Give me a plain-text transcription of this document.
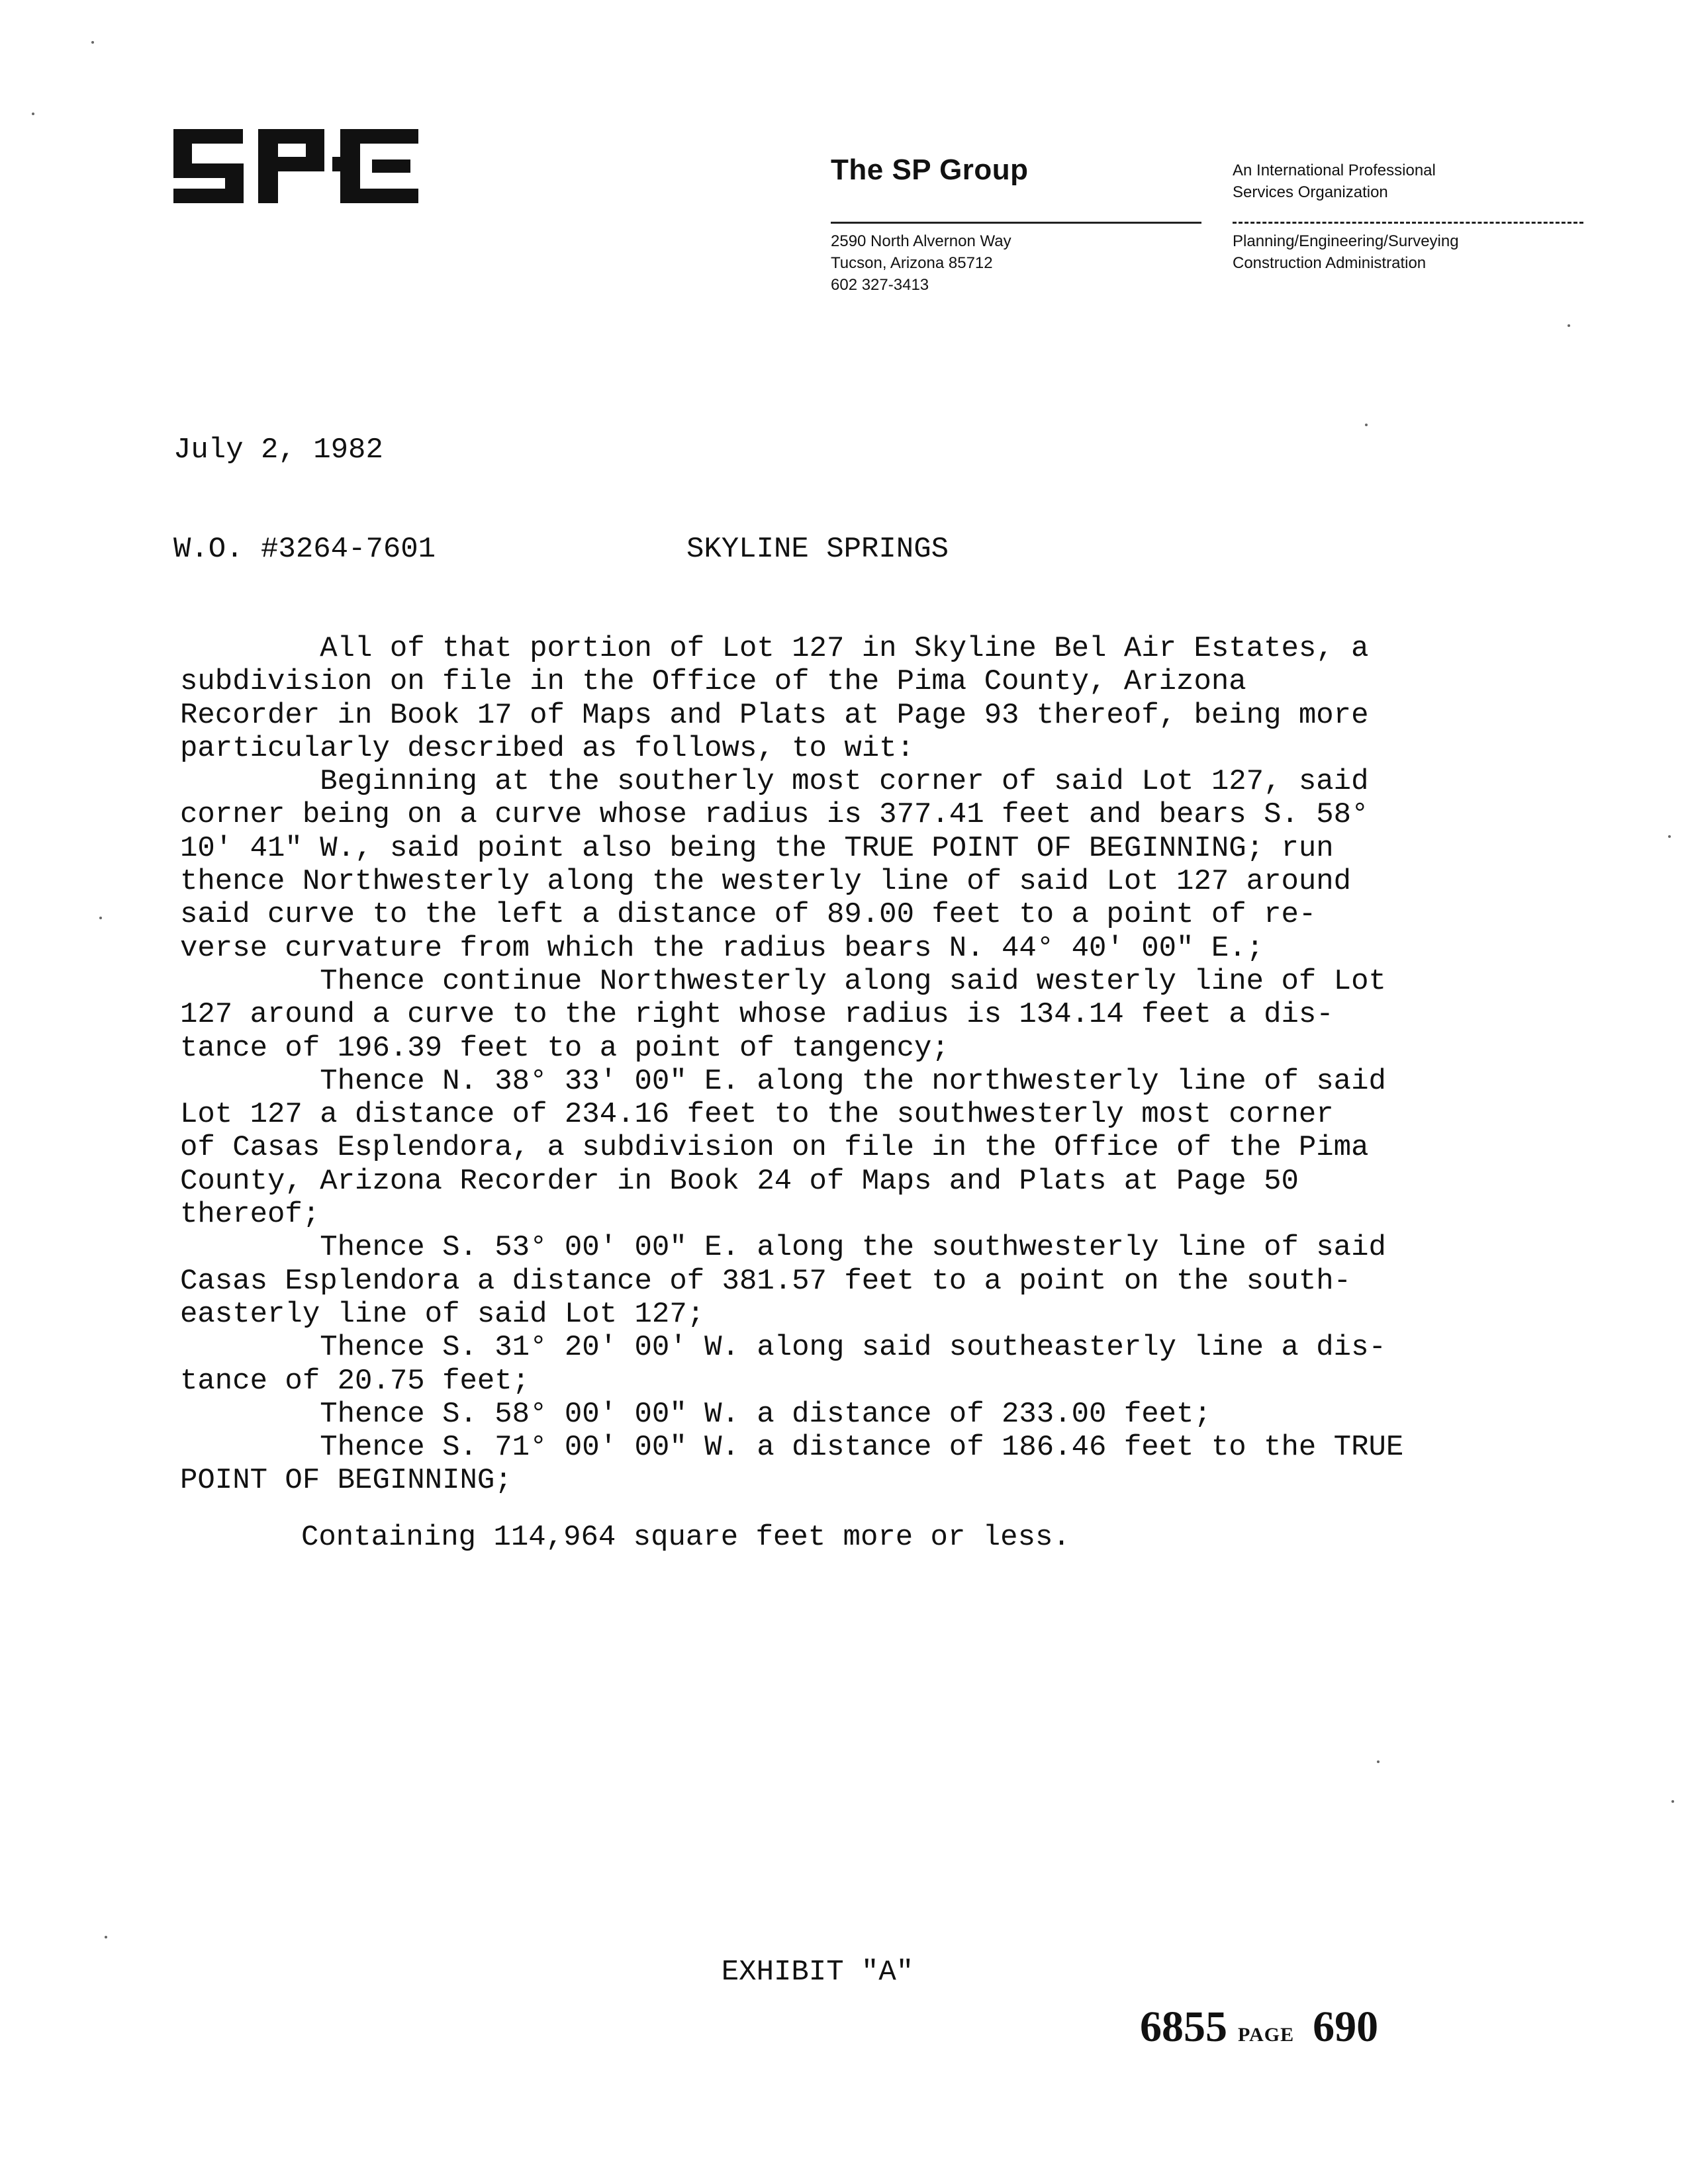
The SP Group
2590 North Alvernon Way
Tucson, Arizona 85712
602 327-3413
An International Professional
Services Organization
Planning/Engineering/Surveying
Construction Administration

July 2, 1982

W.O. #3264-7601	SKYLINE SPRINGS
All of that portion of Lot 127 in Skyline Bel Air Estates, a
subdivision on file in the Office of the Pima County, Arizona
Recorder in Book 17 of Maps and Plats at Page 93 thereof, being more
particularly described as follows, to wit:
Beginning at the southerly most corner of said Lot 127, said
corner being on a curve whose radius is 377.41 feet and bears S. 58°
10' 41" W., said point also being the TRUE POINT OF BEGINNING; run
thence Northwesterly along the westerly line of said Lot 127 around
said curve to the left a distance of 89.00 feet to a point of re-
verse curvature from which the radius bears N. 44° 40' 00" E.;
Thence continue Northwesterly along said westerly line of Lot
127 around a curve to the right whose radius is 134.14 feet a dis-
tance of 196.39 feet to a point of tangency;
Thence N. 38° 33' 00" E. along the northwesterly line of said
Lot 127 a distance of 234.16 feet to the southwesterly most corner
of Casas Esplendora, a subdivision on file in the Office of the Pima
County, Arizona Recorder in Book 24 of Maps and Plats at Page 50
thereof;
Thence S. 53° 00' 00" E. along the southwesterly line of said
Casas Esplendora a distance of 381.57 feet to a point on the south-
easterly line of said Lot 127;
Thence S. 31° 20' 00' W. along said southeasterly line a dis-
tance of 20.75 feet;
Thence S. 58° 00' 00" W. a distance of 233.00 feet;
Thence S. 71° 00' 00" W. a distance of 186.46 feet to the TRUE
POINT OF BEGINNING;
Containing 114,964 square feet more or less.
EXHIBIT "A"
6855 PAGE 690
